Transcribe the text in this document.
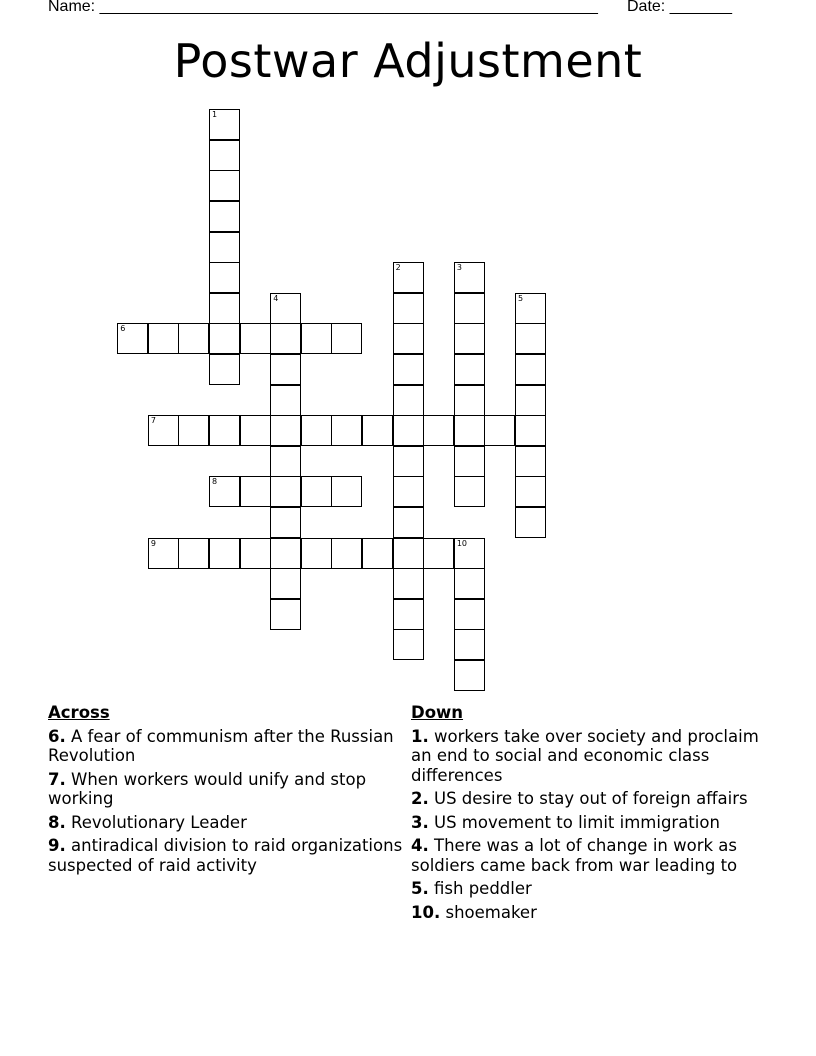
Name: ________________________________________________________ Date: _______
Postwar Adjustment
1
2	3
4	5
6
7
8
9	10
Across
6. A fear of communism after the Russian Revolution
7. When workers would unify and stop working
8. Revolutionary Leader
9. antiradical division to raid organizations suspected of raid activity
Down
1. workers take over society and proclaim an end to social and economic class differences
2. US desire to stay out of foreign affairs
3. US movement to limit immigration
4. There was a lot of change in work as soldiers came back from war leading to
5. fish peddler
10. shoemaker
